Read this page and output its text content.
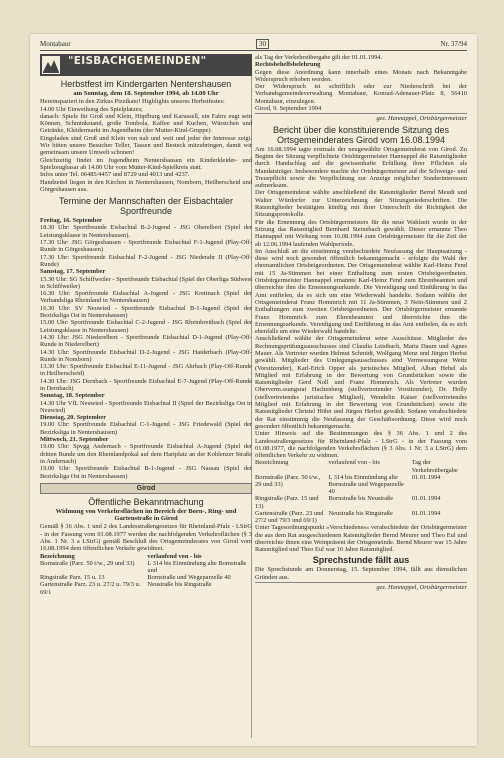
Montabaur	30	Nr. 37/94
"EISBACHGEMEINDEN"
Herbstfest im Kindergarten Nentershausen
am Sonntag, dem 18. September 1994, ab 14.00 Uhr

Hereinspaziert in den Zirkus Pizzikato! Highlights unseres Herbstfestes:

14.00 Uhr Einweihung des Spielplatzes;

danach: Spiele für Groß und Klein, Hüpfburg und Karussell, ein Fahrz eugt sein Können, Schminkstand, große Tombola, Kaffee und Kuchen, Würstchen und Getränke, Kleidermarkt im Jugendheim (der Mutter-Kind-Gruppe)

Eingeladen sind Groß und Klein von nah und weit und jeder der Interesse zeigt. Wir bitten unsere Besucher Teller, Tassen und Besteck mitzubringen, damit wir gemeinsam unsere Umwelt schonen!

Gleichzeitig findet im Jugendheim Nentershausen ein Kinderkleider- und Spielzeugbasar ab 14.00 Uhr vom Mutter-Kind-Spielkreis statt.

Infos unter Tel. 06485/4457 und 8729 und 4013 und 4237.

Handzettel liegen in den Kirchen in Nentershausen, Nomborn, Heilberscheid und Görgeshausen aus.

Termine der Mannschaften der Eisbachtaler Sportfreunde

Freitag, 16. September

18.30 Uhr: Sportfreunde Eisbachtal B-2-Jugend - JSG Oberelbert (Spiel der Leistungsklasse in Nentershausen).

17.30 Uhr: JSG Görgeshausen - Sportfreunde Eisbachtal F-1-Jugend (Play-Off-Runde in Görgeshausen)

17.30 Uhr: Sportfreunde Eisbachtal F-2-Jugend - JSG Niederahr II (Play-Off-Runde)

Samstag, 17. September

15.30 Uhr: SG Schiffweiler - Sportfreunde Eisbachtal (Spiel der Oberliga Südwest in Schiffweiler)

16.30 Uhr: Sportfreunde Eisbachtal A-Jugend - JSG Krettnach (Spiel der Verbandsliga Rheinland in Nentershausen)

16.30 Uhr: SV Neuwied - Sportfreunde Eisbachtal B-1-Jugend (Spiel der Bezirksliga Ost in Nentershausen)

15.00 Uhr: Sportfreunde Eisbachtal C-2-Jugend - JSG Rheinbreitbach (Spiel der Leistungsklasse in Nentershausen)

14.30 Uhr: JSG Niederelbert - Sportfreunde Eisbachtal D-1-Jugend (Play-Off-Runde in Niederelbert)

14.30 Uhr: Sportfreunde Eisbachtal D-2-Jugend - JSG Haiderbach (Play-Off-Runde in Nomborn)

13.30 Uhr: Sportfreunde Eisbachtal E-11-Jugend - JSG Ahrbach (Play-Off-Runde in Heilberscheid)

14.30 Uhr: JSG Dernbach - Sportfreunde Eisbachtal E-7-Jugend (Play-Off-Runde in Dernbach)

Sonntag, 18. September

14.30 Uhr VfL Neuwied - Sportfreunde Eisbachtal II (Spiel der Bezirksliga Ost in Neuwied)

Dienstag, 20. September

19.00 Uhr: Sportfreunde Eisbachtal C-1-Jugend - JSG Friedewald (Spiel der Bezirksliga in Nentershausen)

Mittwoch, 21. September

19.00 Uhr: Spvgg Andernach - Sportfreunde Eisbachtal A-Jugend (Spiel der dritten Runde um den Rheinlandpokal auf dem Hartplatz an der Koblenzer Straße in Andernach)

19.00 Uhr: Sportfreunde Eisbachtal B-1-Jugend - JSG Nassau (Spiel der Bezirksliga Ost in Nentershausen)

Girod
Öffentliche Bekanntmachung
Widmung von Verkehrsflächen im Bereich der Born-, Ring- und Gartenstraße in Girod

Gemäß § 36 Abs. 1 und 2 des Landesstraßengesetzes für Rheinland-Pfalz - LStrG - in der Fassung vom 01.08.1977 werden die nachfolgenden Verkehrsflächen (§ 3 Abs. 1 Nr. 3 a LStrG) gemäß Beschluß des Ortsgemeinderates von Girod vom 16.08.1994 dem öffentlichen Verkehr gewidmet.

Bezeichnung	verlaufend von - bis
Bornstraße (Parz. 50 t/w., 29 und 33)	L 314 bis Einmündung alte Bornstraße und
Ringstraße Parz. 15 u. 13	Bornstraße und Wegeparzelle 40
Gartenstraße Parz. 23 u. 27/2 u. 79/3 u. 69/1	Neustraße bis Ringstraße

als Tag der Verkehrsübergabe gilt der 01.01.1994.

Rechtsbehelfsbelehrung

Gegen diese Anordnung kann innerhalb eines Monats nach Bekanntgabe Widerspruch erhoben werden.

Der Widerspruch ist schriftlich oder zur Niederschrift bei der Verbandsgemeindeverwaltung Montabaur, Konrad-Adenauer-Platz 8, 56410 Montabaur, einzulegen.

Girod, 9. September 1994

gez. Hannappel, Ortsbürgermeister
Bericht über die konstituierende Sitzung des Ortsgemeinderates Girod vom 16.08.1994

Am 16.08.1994 tagte erstmals der neugewählte Ortsgemeinderat von Girod. Zu Beginn der Sitzung verpflichtete Ortsbürgermeister Hannappel die Ratsmitglieder durch Handschlag auf die gewissenhafte Erfüllung ihrer Pflichten als Mandatsträger. Insbesondere machte der Ortsbürgermeister auf die Schweige- und Treuepflicht sowie die Verpflichtung zur Anzeige möglicher Sonderinteressen aufmerksam.

Der Ortsgemeinderat wählte anschließend die Ratsmitglieder Bernd Meudt und Walter Würdorfer zur Unterzeichnung der Sitzungsniederschriften. Die Ratsmitglieder bestätigten künftig mit ihrer Unterschrift die Richtigkeit der Sitzungsprotokolle.

Für die Ernennung des Ortsbürgermeisters für die neue Wahlzeit wurde in der Sitzung das Ratsmitglied Bernhard Steinebach gewählt. Dieser ernannte Theo Hannappel mit Wirkung vom 16.08.1994 zum Ortsbürgermeister für die Zeit der ab 12.06.1994 laufenden Wahlperiode.

Im Anschluß an die einstimmig verabschiedete Neufassung der Hauptsatzung - diese wird noch gesondert öffentlich bekanntgemacht - erfolgte die Wahl der ehrenamtlichen Ortsbeigeordneten. Der Ortsgemeinderat wählte Karl-Heinz Fend mit 15 Ja-Stimmen bei einer Enthaltung zum ersten Ortsbeigeordneten. Ortsbürgermeister Hannappel ernannte Karl-Heinz Fend zum Ehrenbeamten und überreichte ihm die Ernennungsurkunde. Die Vereidigung und Einführung in das Amt entfielen, da es sich um eine Wiederwahl handelte. Sodann wählte der Ortsgemeinderat Franz Hommrich mit 11 Ja-Stimmen, 3 Nein-Stimmen und 2 Enthaltungen zum zweiten Ortsbeigeordneten. Der Ortsbürgermeister ernannte Franz Hommrich zum Ehrenbeamten und überreichte ihm die Ernennungsurkunde. Vereidigung und Einführung in das Amt entfielen, da es sich ebenfalls um eine Wiederwahl handelte.

Anschließend wählte der Ortsgemeinderat seine Ausschüsse. Mitglieder des Rechnungsprüfungsausschusses sind Claudia Leistbach, Maria Daum und Agnes Mauer. Als Vertreter wurden Helmut Schmidt, Wolfgang Menz und Jürgen Herbst gewählt. Mitglieder des Umlegungsausschusses sind Vermessungsrat Weitz (Vorsitzender), Karl-Erich Opper als juristisches Mitglied, Alban Hebel als Mitglied mit Erfahrung in der Bewertung von Grundstücken sowie die Ratsmitglieder Gerd Noll und Franz Hommrich. Als Vertreter wurden Oberverm.ssungsrat Hachenberg (stellvertretender Vorsitzender), Dr. Holly (stellvertretendes juristisches Mitglied), Wendelin Kaiser (stellvertretendes Mitglied mit Erfahrung in der Bewertung von Grundstücken) sowie die Ratsmitglieder Christel Höhn und Jürgen Herbst gewählt. Sodann verabschiedete der Rat einstimmig die Neufassung der Geschäftsordnung. Diese wird noch gesondert öffentlich bekanntgemacht.

Unter Hinweis auf die Bestimmungen des § 36 Abs. 1 und 2 des Landesstraßengesetzes für Rheinland-Pfalz - LStrG - in der Fassung vom 01.08.1977, die nachfolgenden Verkehrsflächen (§ 3 Abs. 1 Nr. 3 a LStrG) dem öffentlichen Verkehr zu widmen.

Bezeichnung	verlaufend von - bis	Tag der Verkehrsübergabe
Bornstraße (Parz. 50 t/w., 29 und 33)	L 314 bis Einmündung alte Bornstraße und Wegeparzelle 40	01.01.1994
Ringstraße (Parz. 15 und 13)	Bornstraße bis Neustraße	01.01.1994
Gartenstraße (Parz. 23 und 27/2 und 79/3 und 69/1)	Neustraße bis Ringstraße	01.01.1994

Unter Tagesordnungspunkt »Verschiedenes« verabschiedete der Ortsbürgermeister die aus dem Rat ausgeschiedenen Ratsmitglieder Bernd Meurer und Theo Eul und überreichte ihnen eine Weinpräsent der Ortsgemeinde. Bernd Meurer war 15 Jahre Ratsmitglied und Theo Eul war 10 Jahre Ratsmitglied.

Sprechstunde fällt aus

Die Sprechstunde am Donnerstag, 15. September 1994, fällt aus dienstlichen Gründen aus.

gez. Hannappel, Ortsbürgermeister
